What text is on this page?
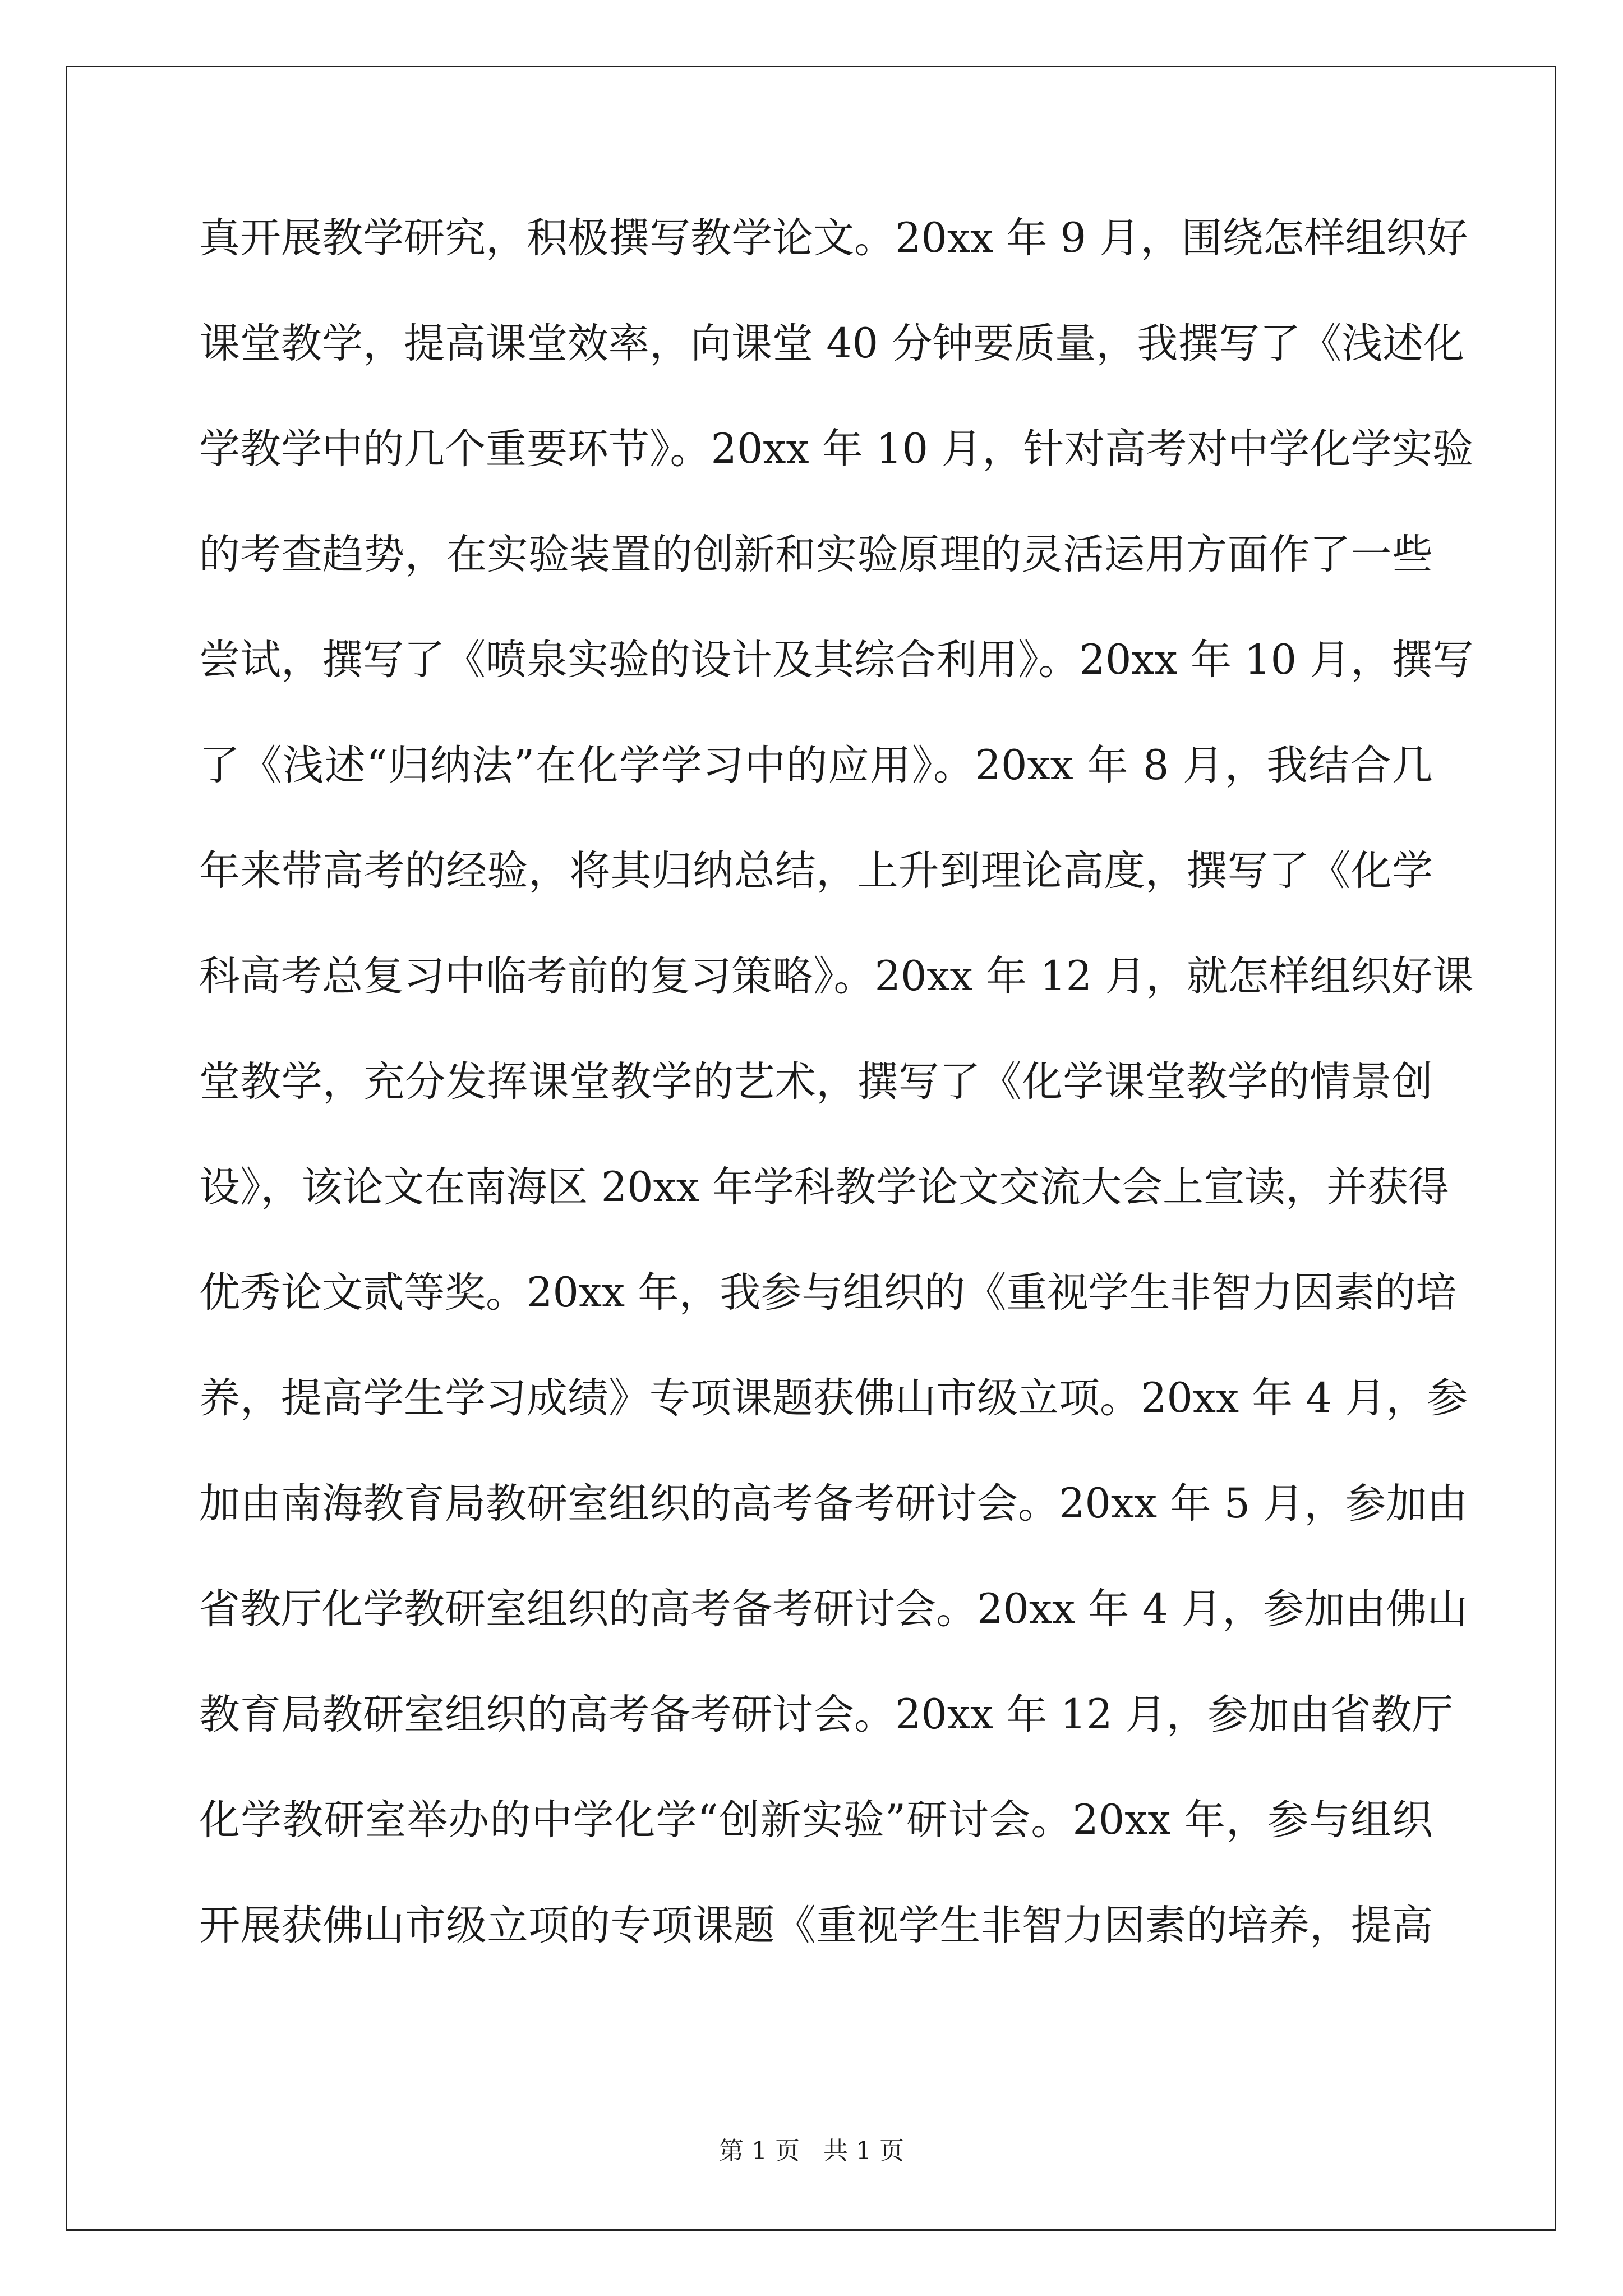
真开展教学研究，积极撰写教学论文。20xx 年 9 月，围绕怎样组织好
课堂教学，提高课堂效率，向课堂 40 分钟要质量，我撰写了《浅述化
学教学中的几个重要环节》。20xx 年 10 月，针对高考对中学化学实验
的考查趋势，在实验装置的创新和实验原理的灵活运用方面作了一些
尝试，撰写了《喷泉实验的设计及其综合利用》。20xx 年 10 月，撰写
了《浅述“归纳法”在化学学习中的应用》。20xx 年 8 月，我结合几
年来带高考的经验，将其归纳总结，上升到理论高度，撰写了《化学
科高考总复习中临考前的复习策略》。20xx 年 12 月，就怎样组织好课
堂教学，充分发挥课堂教学的艺术，撰写了《化学课堂教学的情景创
设》，该论文在南海区 20xx 年学科教学论文交流大会上宣读，并获得
优秀论文贰等奖。20xx 年，我参与组织的《重视学生非智力因素的培
养，提高学生学习成绩》专项课题获佛山市级立项。20xx 年 4 月，参
加由南海教育局教研室组织的高考备考研讨会。20xx 年 5 月，参加由
省教厅化学教研室组织的高考备考研讨会。20xx 年 4 月，参加由佛山
教育局教研室组织的高考备考研讨会。20xx 年 12 月，参加由省教厅
化学教研室举办的中学化学“创新实验”研讨会。20xx 年，参与组织
开展获佛山市级立项的专项课题《重视学生非智力因素的培养，提高
第 1 页   共 1 页
